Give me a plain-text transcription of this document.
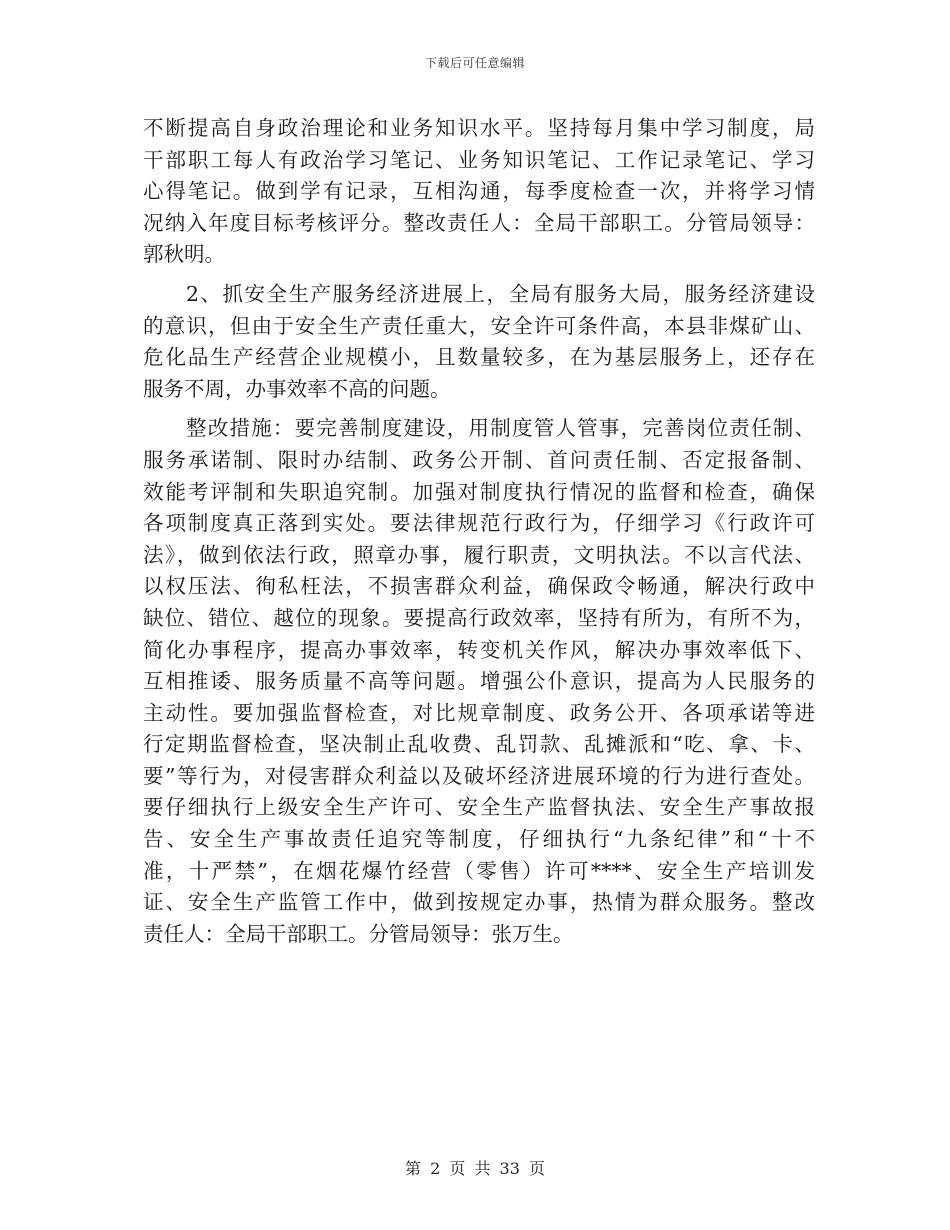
下载后可任意编辑
不断提高自身政治理论和业务知识水平。坚持每月集中学习制度，局
干部职工每人有政治学习笔记、业务知识笔记、工作记录笔记、学习
心得笔记。做到学有记录，互相沟通，每季度检查一次，并将学习情
况纳入年度目标考核评分。整改责任人：全局干部职工。分管局领导：
郭秋明。
2、抓安全生产服务经济进展上，全局有服务大局，服务经济建设
的意识，但由于安全生产责任重大，安全许可条件高，本县非煤矿山、
危化品生产经营企业规模小，且数量较多，在为基层服务上，还存在
服务不周，办事效率不高的问题。
整改措施：要完善制度建设，用制度管人管事，完善岗位责任制、
服务承诺制、限时办结制、政务公开制、首问责任制、否定报备制、
效能考评制和失职追究制。加强对制度执行情况的监督和检查，确保
各项制度真正落到实处。要法律规范行政行为，仔细学习《行政许可
法》，做到依法行政，照章办事，履行职责，文明执法。不以言代法、
以权压法、徇私枉法，不损害群众利益，确保政令畅通，解决行政中
缺位、错位、越位的现象。要提高行政效率，坚持有所为，有所不为，
简化办事程序，提高办事效率，转变机关作风，解决办事效率低下、
互相推诿、服务质量不高等问题。增强公仆意识，提高为人民服务的
主动性。要加强监督检查，对比规章制度、政务公开、各项承诺等进
行定期监督检查，坚决制止乱收费、乱罚款、乱摊派和“吃、拿、卡、
要”等行为，对侵害群众利益以及破坏经济进展环境的行为进行查处。
要仔细执行上级安全生产许可、安全生产监督执法、安全生产事故报
告、安全生产事故责任追究等制度，仔细执行“九条纪律”和“十不
准，十严禁”，在烟花爆竹经营（零售）许可****、安全生产培训发
证、安全生产监管工作中，做到按规定办事，热情为群众服务。整改
责任人：全局干部职工。分管局领导：张万生。
第 2 页 共 33 页
